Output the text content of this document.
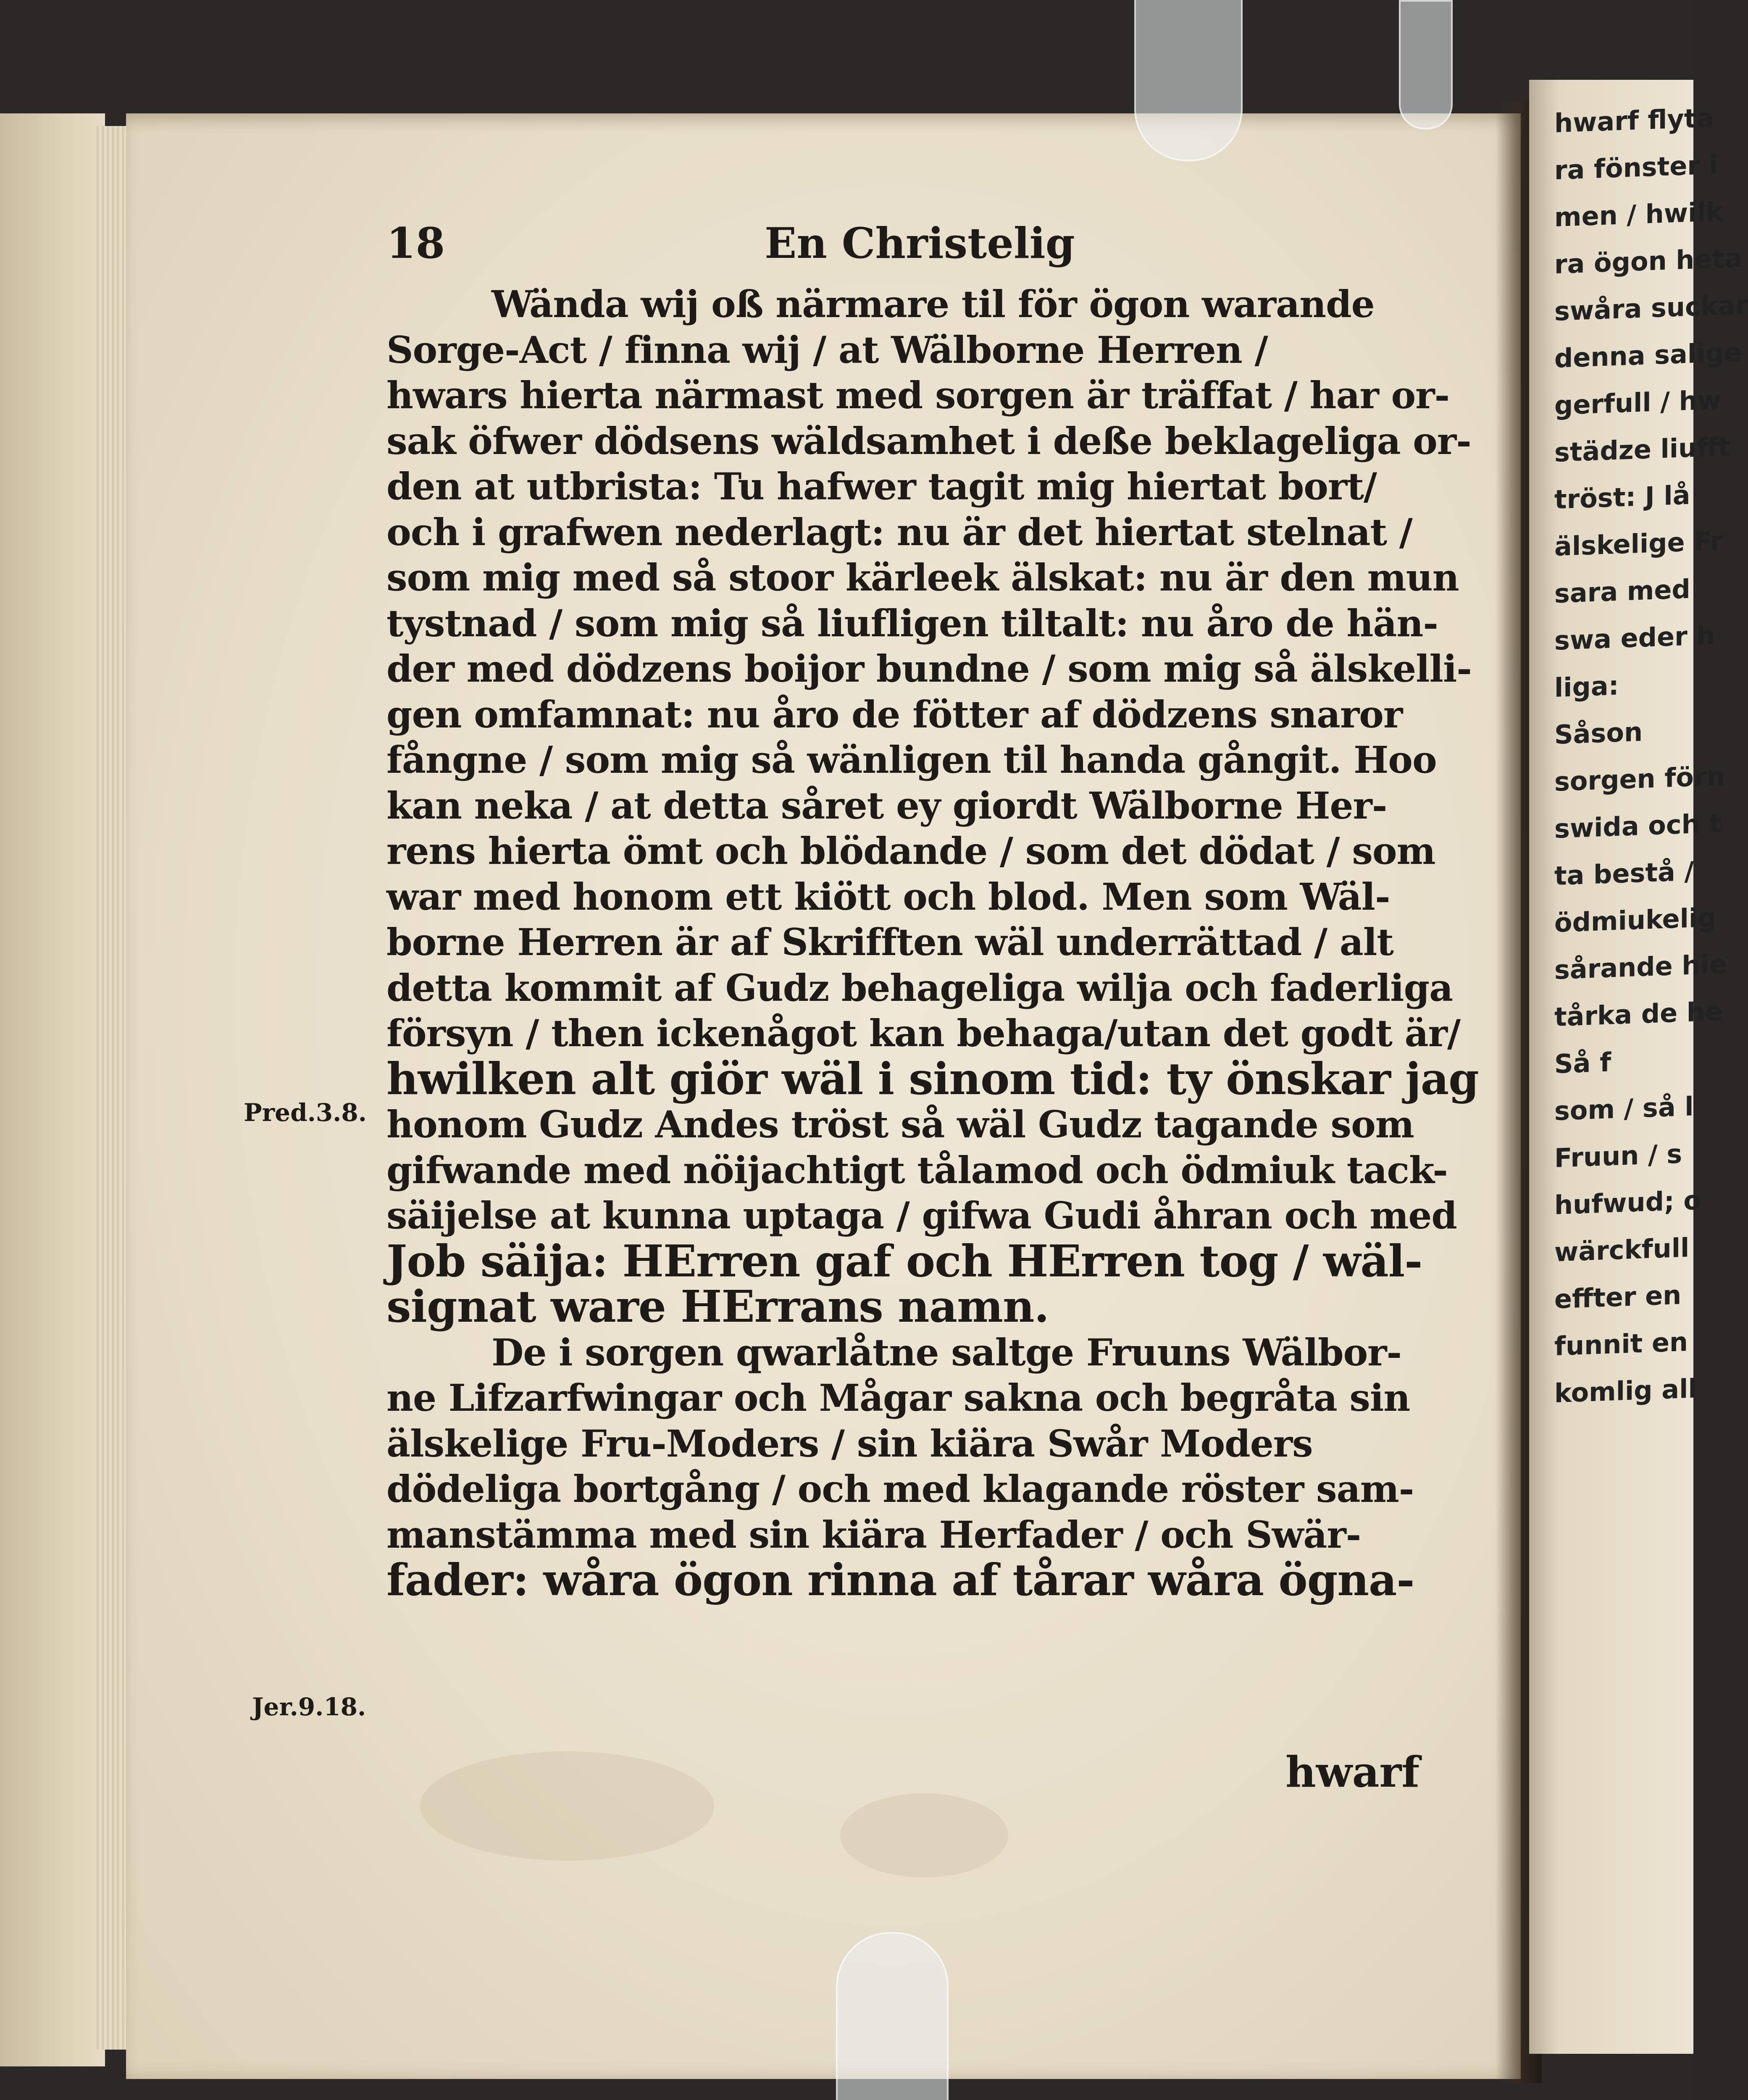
hwarf flyta
ra fönster i
men / hwilk
ra ögon heta
swåra suckar
denna salige
gerfull / hw
städze liufft
tröst: J lå
älskelige Fr
sara med
swa eder h
liga:
Såson
sorgen förn
swida och t
ta bestå /
ödmiukelig
sårande hie
tårka de he
Så f
som / så l
Fruun / s
hufwud; o
wärckfull
effter en
funnit en
komlig all
18	En Christelig
Wända wij oß närmare til för ögon warande
Sorge-Act / finna wij / at Wälborne Herren /
hwars hierta närmast med sorgen är träffat / har or-
sak öfwer dödsens wäldsamhet i deße beklageliga or-
den at utbrista: Tu hafwer tagit mig hiertat bort/
och i grafwen nederlagt: nu är det hiertat stelnat /
som mig med så stoor kärleek älskat: nu är den mun
tystnad / som mig så liufligen tiltalt: nu åro de hän-
der med dödzens boijor bundne / som mig så älskelli-
gen omfamnat: nu åro de fötter af dödzens snaror
fångne / som mig så wänligen til handa gångit. Hoo
kan neka / at detta såret ey giordt Wälborne Her-
rens hierta ömt och blödande / som det dödat / som
war med honom ett kiött och blod. Men som Wäl-
borne Herren är af Skrifften wäl underrättad / alt
detta kommit af Gudz behageliga wilja och faderliga
försyn / then ickenågot kan behaga/utan det godt är/
hwilken alt giör wäl i sinom tid: ty önskar jag
honom Gudz Andes tröst så wäl Gudz tagande som
gifwande med nöijachtigt tålamod och ödmiuk tack-
säijelse at kunna uptaga / gifwa Gudi åhran och med
Job säija: HErren gaf och HErren tog / wäl-
signat ware HErrans namn.
De i sorgen qwarlåtne saltge Fruuns Wälbor-
ne Lifzarfwingar och Mågar sakna och begråta sin
älskelige Fru-Moders / sin kiära Swår Moders
dödeliga bortgång / och med klagande röster sam-
manstämma med sin kiära Herfader / och Swär-
fader: wåra ögon rinna af tårar wåra ögna-
Pred.3.8.
Jer.9.18.
hwarf
